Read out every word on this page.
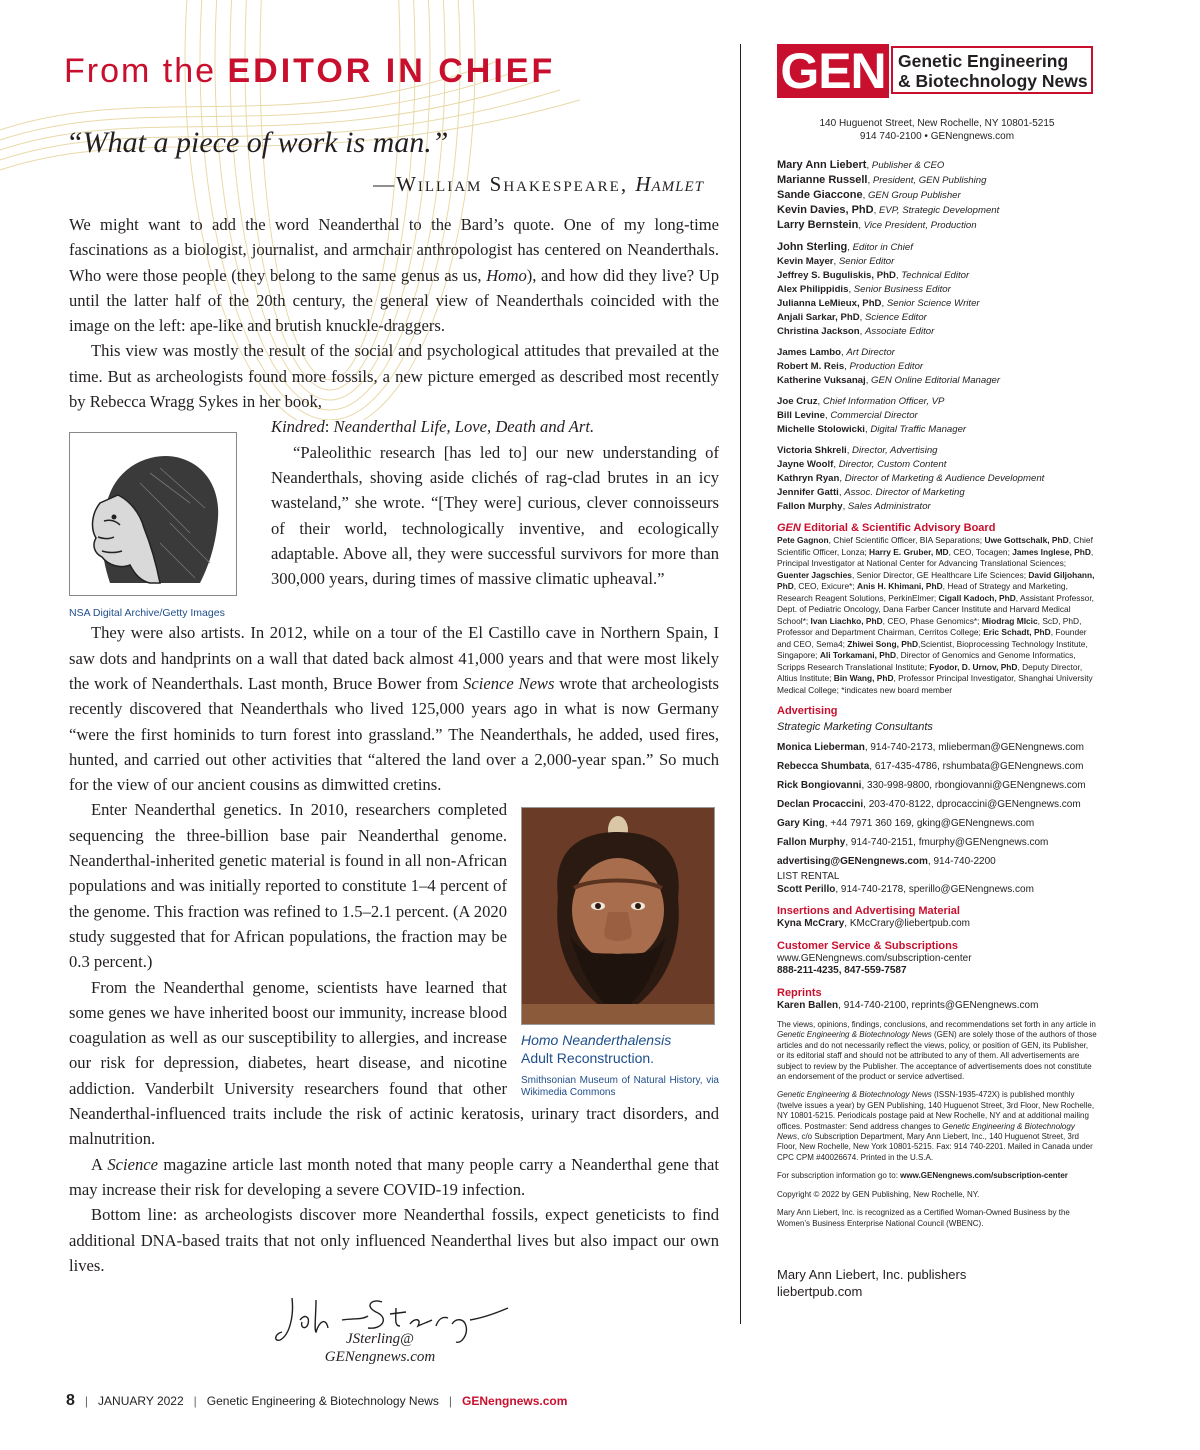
From the EDITOR IN CHIEF
“What a piece of work is man.”
—William Shakespeare, Hamlet

We might want to add the word Neanderthal to the Bard’s quote. One of my long-time fascinations as a biologist, journalist, and armchair anthropologist has centered on Neanderthals. Who were those people (they belong to the same genus as us, Homo), and how did they live? Up until the latter half of the 20th century, the general view of Neanderthals coincided with the image on the left: ape-like and brutish knuckle-draggers.

This view was mostly the result of the social and psychological attitudes that prevailed at the time. But as archeologists found more fossils, a new picture emerged as described most recently by Rebecca Wragg Sykes in her book,

NSA Digital Archive/Getty Images

Kindred: Neanderthal Life, Love, Death and Art.

“Paleolithic research [has led to] our new understanding of Neanderthals, shoving aside clichés of rag-clad brutes in an icy wasteland,” she wrote. “[They were] curious, clever connoisseurs of their world, technologically inventive, and ecologically adaptable. Above all, they were successful survivors for more than 300,000 years, during times of massive climatic upheaval.”

They were also artists. In 2012, while on a tour of the El Castillo cave in Northern Spain, I saw dots and handprints on a wall that dated back almost 41,000 years and that were most likely the work of Neanderthals. Last month, Bruce Bower from Science News wrote that archeologists recently discovered that Neanderthals who lived 125,000 years ago in what is now Germany “were the first hominids to turn forest into grassland.” The Neanderthals, he added, used fires, hunted, and carried out other activities that “altered the land over a 2,000-year span.” So much for the view of our ancient cousins as dimwitted cretins.

Homo Neanderthalensis
Adult Reconstruction.
Smithsonian Museum of Natural History, via Wikimedia Commons

Enter Neanderthal genetics. In 2010, researchers completed sequencing the three-billion base pair Neanderthal genome. Neanderthal-inherited genetic material is found in all non-African populations and was initially reported to constitute 1–4 percent of the genome. This fraction was refined to 1.5–2.1 percent. (A 2020 study suggested that for African populations, the fraction may be 0.3 percent.)

From the Neanderthal genome, scientists have learned that some genes we have inherited boost our immunity, increase blood coagulation as well as our susceptibility to allergies, and increase our risk for depression, diabetes, heart disease, and nicotine addiction. Vanderbilt University researchers found that other Neanderthal-influenced traits include the risk of actinic keratosis, urinary tract disorders, and malnutrition.

A Science magazine article last month noted that many people carry a Neanderthal gene that may increase their risk for developing a severe COVID-19 infection.

Bottom line: as archeologists discover more Neanderthal fossils, expect geneticists to find additional DNA-based traits that not only influenced Neanderthal lives but also impact our own lives.

JSterling@
GENengnews.com
8 | JANUARY 2022 | Genetic Engineering & Biotechnology News | GENengnews.com
GEN Genetic Engineering
& Biotechnology News
140 Huguenot Street, New Rochelle, NY 10801-5215
914 740-2100 • GENengnews.com
Mary Ann Liebert, Publisher & CEO
Marianne Russell, President, GEN Publishing
Sande Giaccone, GEN Group Publisher
Kevin Davies, PhD, EVP, Strategic Development
Larry Bernstein, Vice President, Production
John Sterling, Editor in Chief
Kevin Mayer, Senior Editor
Jeffrey S. Buguliskis, PhD, Technical Editor
Alex Philippidis, Senior Business Editor
Julianna LeMieux, PhD, Senior Science Writer
Anjali Sarkar, PhD, Science Editor
Christina Jackson, Associate Editor
James Lambo, Art Director
Robert M. Reis, Production Editor
Katherine Vuksanaj, GEN Online Editorial Manager
Joe Cruz, Chief Information Officer, VP
Bill Levine, Commercial Director
Michelle Stolowicki, Digital Traffic Manager
Victoria Shkreli, Director, Advertising
Jayne Woolf, Director, Custom Content
Kathryn Ryan, Director of Marketing & Audience Development
Jennifer Gatti, Assoc. Director of Marketing
Fallon Murphy, Sales Administrator
GEN Editorial & Scientific Advisory Board
Pete Gagnon, Chief Scientific Officer, BIA Separations; Uwe Gottschalk, PhD, Chief Scientific Officer, Lonza; Harry E. Gruber, MD, CEO, Tocagen; James Inglese, PhD, Principal Investigator at National Center for Advancing Translational Sciences; Guenter Jagschies, Senior Director, GE Healthcare Life Sciences; David Giljohann, PhD, CEO, Exicure*; Anis H. Khimani, PhD, Head of Strategy and Marketing, Research Reagent Solutions, PerkinElmer; Cigall Kadoch, PhD, Assistant Professor, Dept. of Pediatric Oncology, Dana Farber Cancer Institute and Harvard Medical School*; Ivan Liachko, PhD, CEO, Phase Genomics*; Miodrag MIcic, ScD, PhD, Professor and Department Chairman, Cerritos College; Eric Schadt, PhD, Founder and CEO, Sema4; Zhiwei Song, PhD,Scientist, Bioprocessing Technology Institute, Singapore; Ali Torkamani, PhD, Director of Genomics and Genome Informatics, Scripps Research Translational Institute; Fyodor, D. Urnov, PhD, Deputy Director, Altius Institute; Bin Wang, PhD, Professor Principal Investigator, Shanghai University Medical College; *indicates new board member
Advertising
Strategic Marketing Consultants
Monica Lieberman, 914-740-2173, mlieberman@GENengnews.com
Rebecca Shumbata, 617-435-4786, rshumbata@GENengnews.com
Rick Bongiovanni, 330-998-9800, rbongiovanni@GENengnews.com
Declan Procaccini, 203-470-8122, dprocaccini@GENengnews.com
Gary King, +44 7971 360 169, gking@GENengnews.com
Fallon Murphy, 914-740-2151, fmurphy@GENengnews.com
advertising@GENengnews.com, 914-740-2200
LIST RENTAL
Scott Perillo, 914-740-2178, sperillo@GENengnews.com
Insertions and Advertising Material
Kyna McCrary, KMcCrary@liebertpub.com
Customer Service & Subscriptions
www.GENengnews.com/subscription-center
888-211-4235, 847-559-7587
Reprints
Karen Ballen, 914-740-2100, reprints@GENengnews.com
The views, opinions, findings, conclusions, and recommendations set forth in any article in Genetic Engineering & Biotechnology News (GEN) are solely those of the authors of those articles and do not necessarily reflect the views, policy, or position of GEN, its Publisher, or its editorial staff and should not be attributed to any of them. All advertisements are subject to review by the Publisher. The acceptance of advertisements does not constitute an endorsement of the product or service advertised.
Genetic Engineering & Biotechnology News (ISSN-1935-472X) is published monthly (twelve issues a year) by GEN Publishing, 140 Huguenot Street, 3rd Floor, New Rochelle, NY 10801-5215. Periodicals postage paid at New Rochelle, NY and at additional mailing offices. Postmaster: Send address changes to Genetic Engineering & Biotechnology News, c/o Subscription Department, Mary Ann Liebert, Inc., 140 Huguenot Street, 3rd Floor, New Rochelle, New York 10801-5215. Fax: 914 740-2201. Mailed in Canada under CPC CPM #40026674. Printed in the U.S.A.
For subscription information go to: www.GENengnews.com/subscription-center
Copyright © 2022 by GEN Publishing, New Rochelle, NY.
Mary Ann Liebert, Inc. is recognized as a Certified Woman-Owned Business by the Women’s Business Enterprise National Council (WBENC).
Mary Ann Liebert, Inc. publishers
liebertpub.com
